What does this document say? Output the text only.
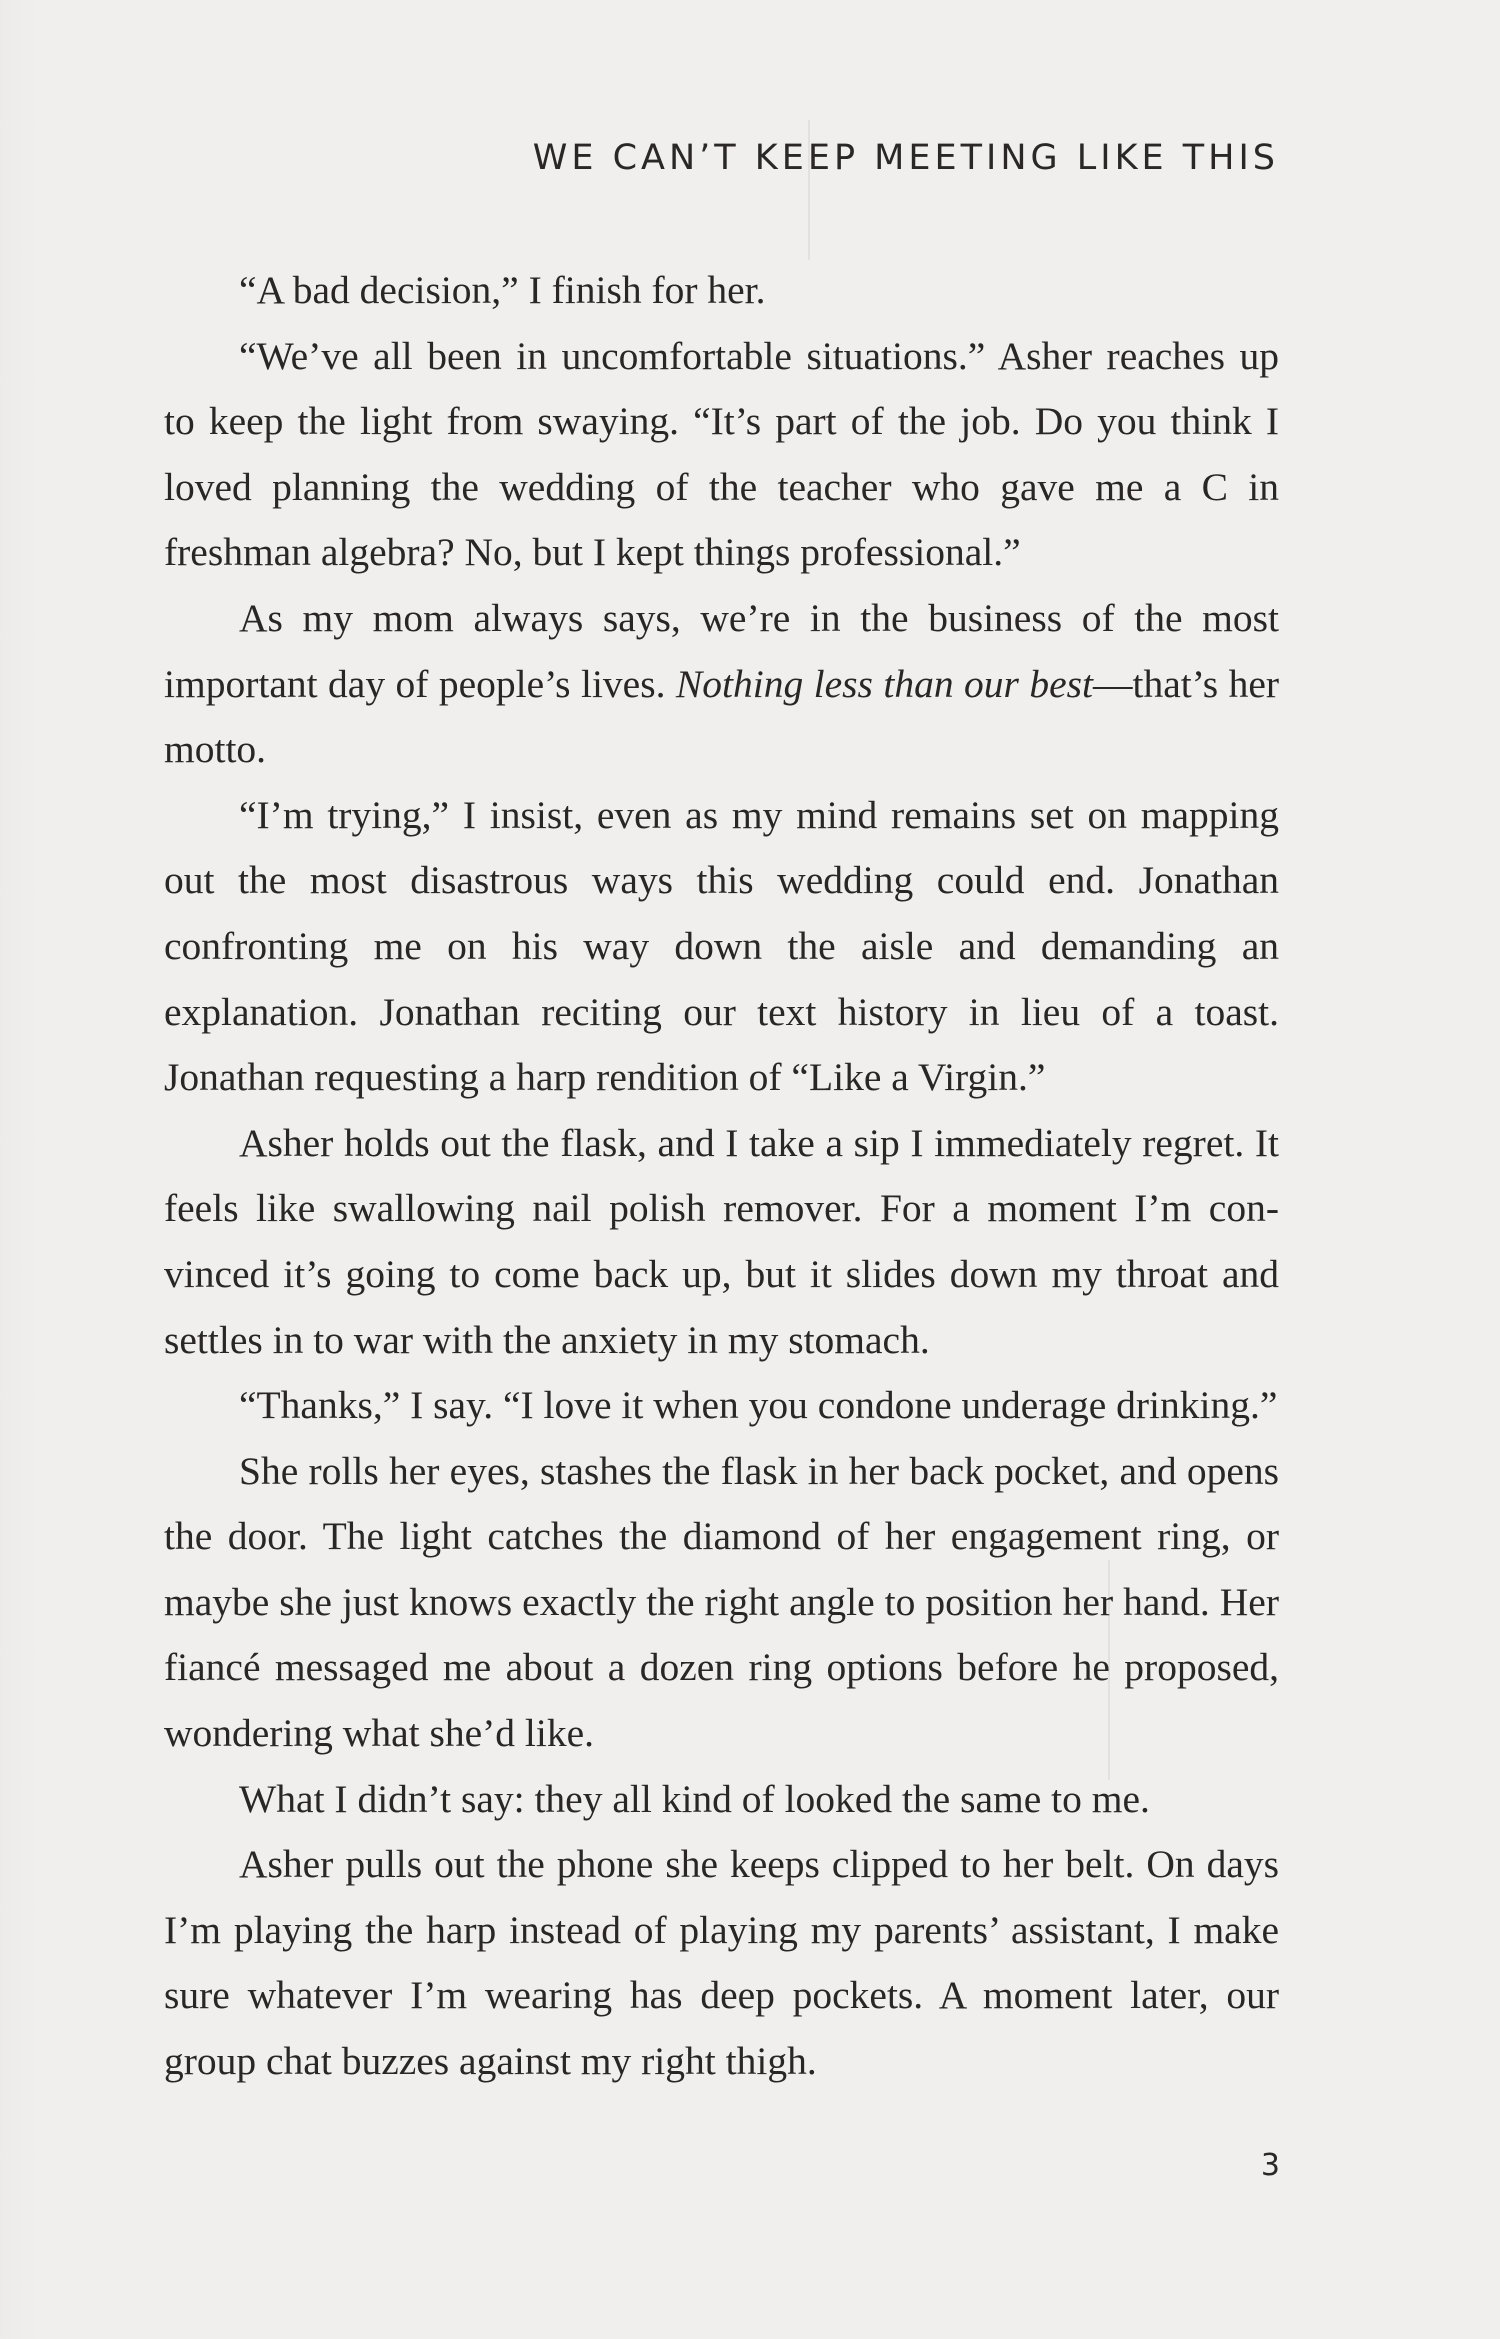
WE CAN’T KEEP MEETING LIKE THIS

“A bad decision,” I finish for her.

“We’ve all been in uncomfortable situations.” Asher reaches up to keep the light from swaying. “It’s part of the job. Do you think I loved planning the wedding of the teacher who gave me a C in freshman algebra? No, but I kept things professional.”

As my mom always says, we’re in the business of the most important day of people’s lives. Nothing less than our best—that’s her motto.

“I’m trying,” I insist, even as my mind remains set on mapping out the most disastrous ways this wedding could end. Jonathan confronting me on his way down the aisle and demanding an explanation. Jonathan reciting our text history in lieu of a toast. Jonathan requesting a harp rendition of “Like a Virgin.”

Asher holds out the flask, and I take a sip I immediately regret. It feels like swallowing nail polish remover. For a moment I’m convinced it’s going to come back up, but it slides down my throat and settles in to war with the anxiety in my stomach.

“Thanks,” I say. “I love it when you condone underage drinking.”

She rolls her eyes, stashes the flask in her back pocket, and opens the door. The light catches the diamond of her engagement ring, or maybe she just knows exactly the right angle to position her hand. Her fiancé messaged me about a dozen ring options before he proposed, wondering what she’d like.

What I didn’t say: they all kind of looked the same to me.

Asher pulls out the phone she keeps clipped to her belt. On days I’m playing the harp instead of playing my parents’ assistant, I make sure whatever I’m wearing has deep pockets. A moment later, our group chat buzzes against my right thigh.

3
